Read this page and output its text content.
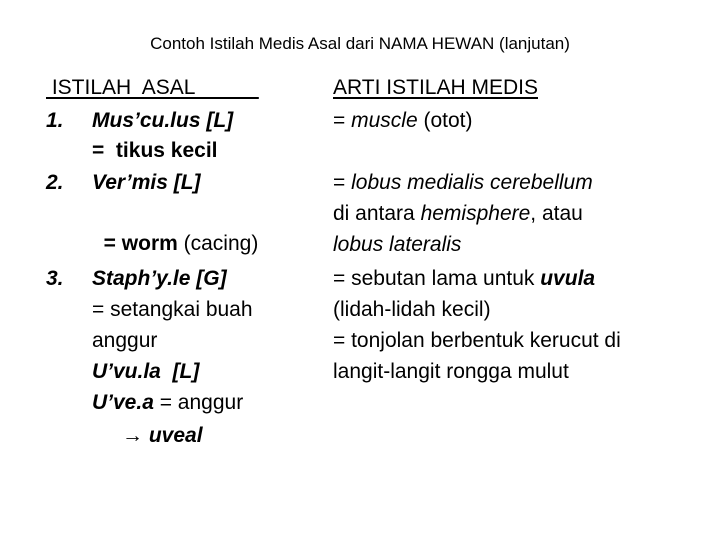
Contoh Istilah Medis Asal dari NAMA HEWAN (lanjutan)
ISTILAH  ASAL	ARTI ISTILAH MEDIS
1. Mus’cu.lus [L]
=  tikus kecil
= muscle (otot)
2. Ver’mis [L]

= worm (cacing)

= lobus medialis cerebellum
di antara hemisphere, atau
lobus lateralis
3. Staph’y.le [G]
= setangkai buah
anggur
U’vu.la  [L]
U’ve.a = anggur
→ uveal
= sebutan lama untuk uvula
(lidah-lidah kecil)
= tonjolan berbentuk kerucut di
langit-langit rongga mulut
